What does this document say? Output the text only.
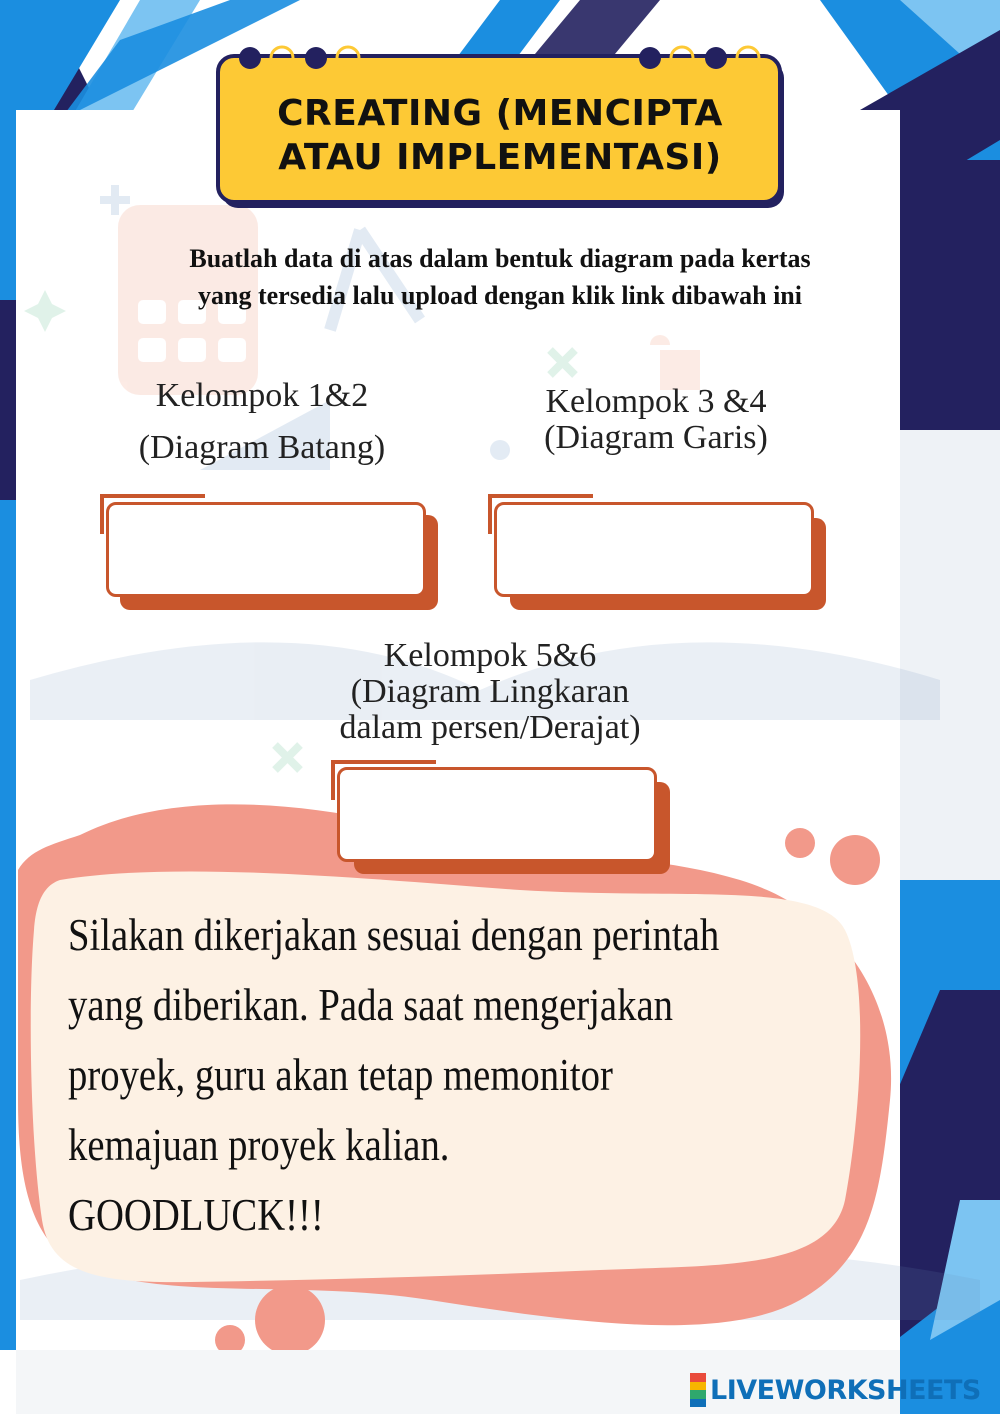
CREATING (MENCIPTA
ATAU IMPLEMENTASI)
Buatlah data di atas dalam bentuk diagram pada kertas
yang tersedia lalu upload dengan klik link dibawah ini
Kelompok 1&2
(Diagram Batang)
Kelompok 3 &4
(Diagram Garis)
Kelompok 5&6
(Diagram Lingkaran
dalam persen/Derajat)
Silakan dikerjakan sesuai dengan perintah
yang diberikan. Pada saat mengerjakan
proyek, guru akan tetap memonitor
kemajuan proyek kalian.
GOODLUCK!!!
LIVEWORKSHEETS
